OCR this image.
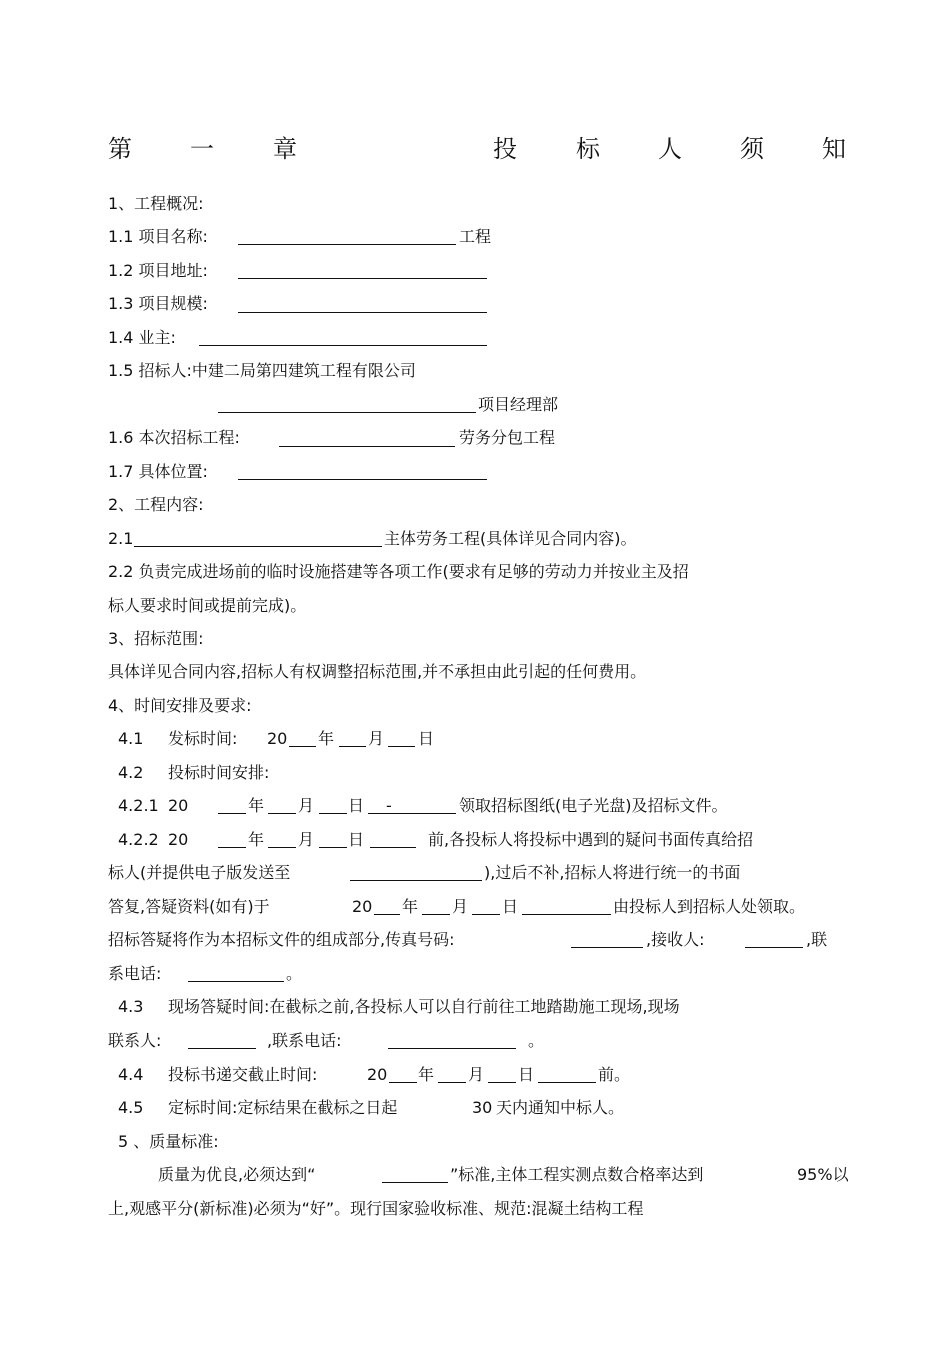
第 一 章	投 标 人 须 知
1、工程概况:
1.1 项目名称:	工程
1.2 项目地址:
1.3 项目规模:
1.4 业主:
1.5 招标人:中建二局第四建筑工程有限公司
项目经理部
1.6 本次招标工程:	劳务分包工程
1.7 具体位置:
2、工程内容:
2.1	主体劳务工程(具体详见合同内容)。
2.2 负责完成进场前的临时设施搭建等各项工作(要求有足够的劳动力并按业主及招
标人要求时间或提前完成)。
3、招标范围:
具体详见合同内容,招标人有权调整招标范围,并不承担由此引起的任何费用。
4、时间安排及要求:
4.1 发标时间: 20 年 月 日
4.2 投标时间安排:
4.2.1 20	年 月 日 -	领取招标图纸(电子光盘)及招标文件。
4.2.2 20	年 月 日	前,各投标人将投标中遇到的疑问书面传真给招
标人(并提供电子版发送至	),过后不补,招标人将进行统一的书面
答复,答疑资料(如有)于	20 年 月 日	由投标人到招标人处领取。
招标答疑将作为本招标文件的组成部分,传真号码:	,接收人:	,联
系电话:	。
4.3 现场答疑时间:在截标之前,各投标人可以自行前往工地踏勘施工现场,现场
联系人:	,联系电话:	。
4.4 投标书递交截止时间:	20 年 月 日	前。
4.5 定标时间:定标结果在截标之日起	30 天内通知中标人。
5 、质量标准:
质量为优良,必须达到“	”标准,主体工程实测点数合格率达到	95%以
上,观感平分(新标准)必须为“好”。现行国家验收标准、规范:混凝土结构工程
